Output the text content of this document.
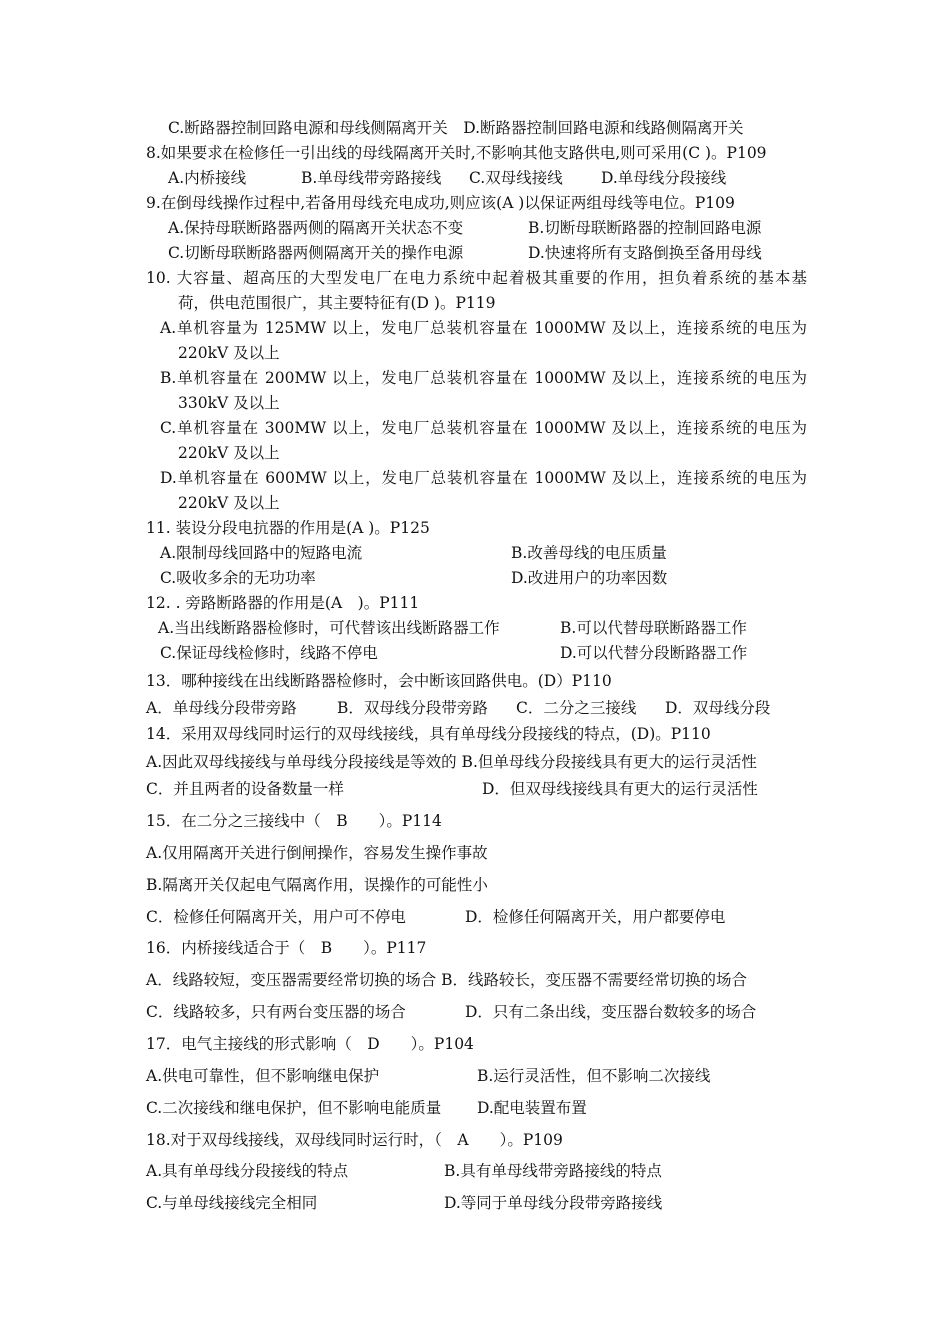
C.断路器控制回路电源和母线侧隔离开关　D.断路器控制回路电源和线路侧隔离开关
8.如果要求在检修任一引出线的母线隔离开关时,不影响其他支路供电,则可采用(C )。P109
A.内桥接线	B.单母线带旁路接线 C.双母线接线 D.单母线分段接线
9.在倒母线操作过程中,若备用母线充电成功,则应该(A )以保证两组母线等电位。P109
A.保持母联断路器两侧的隔离开关状态不变	B.切断母联断路器的控制回路电源
C.切断母联断路器两侧隔离开关的操作电源	D.快速将所有支路倒换至备用母线
10. 大容量、超高压的大型发电厂在电力系统中起着极其重要的作用，担负着系统的基本基
荷，供电范围很广，其主要特征有(D )。P119
A.单机容量为 125MW 以上，发电厂总装机容量在 1000MW 及以上，连接系统的电压为
220kV 及以上
B.单机容量在 200MW 以上，发电厂总装机容量在 1000MW 及以上，连接系统的电压为
330kV 及以上
C.单机容量在 300MW 以上，发电厂总装机容量在 1000MW 及以上，连接系统的电压为
220kV 及以上
D.单机容量在 600MW 以上，发电厂总装机容量在 1000MW 及以上，连接系统的电压为
220kV 及以上
11. 装设分段电抗器的作用是(A )。P125
A.限制母线回路中的短路电流	B.改善母线的电压质量
C.吸收多余的无功功率	D.改进用户的功率因数
12. . 旁路断路器的作用是(A　)。P111
A.当出线断路器检修时，可代替该出线断路器工作	B.可以代替母联断路器工作
C.保证母线检修时，线路不停电	D.可以代替分段断路器工作
13．哪种接线在出线断路器检修时，会中断该回路供电。(D）P110
A．单母线分段带旁路	B．双母线分段带旁路 C．二分之三接线 D．双母线分段
14．采用双母线同时运行的双母线接线，具有单母线分段接线的特点，(D)。P110
A.因此双母线接线与单母线分段接线是等效的 B.但单母线分段接线具有更大的运行灵活性
C．并且两者的设备数量一样	D．但双母线接线具有更大的运行灵活性
15．在二分之三接线中（　B　　）。P114
A.仅用隔离开关进行倒闸操作，容易发生操作事故
B.隔离开关仅起电气隔离作用，误操作的可能性小
C．检修任何隔离开关，用户可不停电	D．检修任何隔离开关，用户都要停电
16．内桥接线适合于（　B　　）。P117
A．线路较短，变压器需要经常切换的场合 B．线路较长，变压器不需要经常切换的场合
C．线路较多，只有两台变压器的场合	D．只有二条出线，变压器台数较多的场合
17．电气主接线的形式影响（　D　　）。P104
A.供电可靠性，但不影响继电保护	B.运行灵活性，但不影响二次接线
C.二次接线和继电保护，但不影响电能质量 D.配电装置布置
18.对于双母线接线，双母线同时运行时，（　A　　）。P109
A.具有单母线分段接线的特点	B.具有单母线带旁路接线的特点
C.与单母线接线完全相同	D.等同于单母线分段带旁路接线
